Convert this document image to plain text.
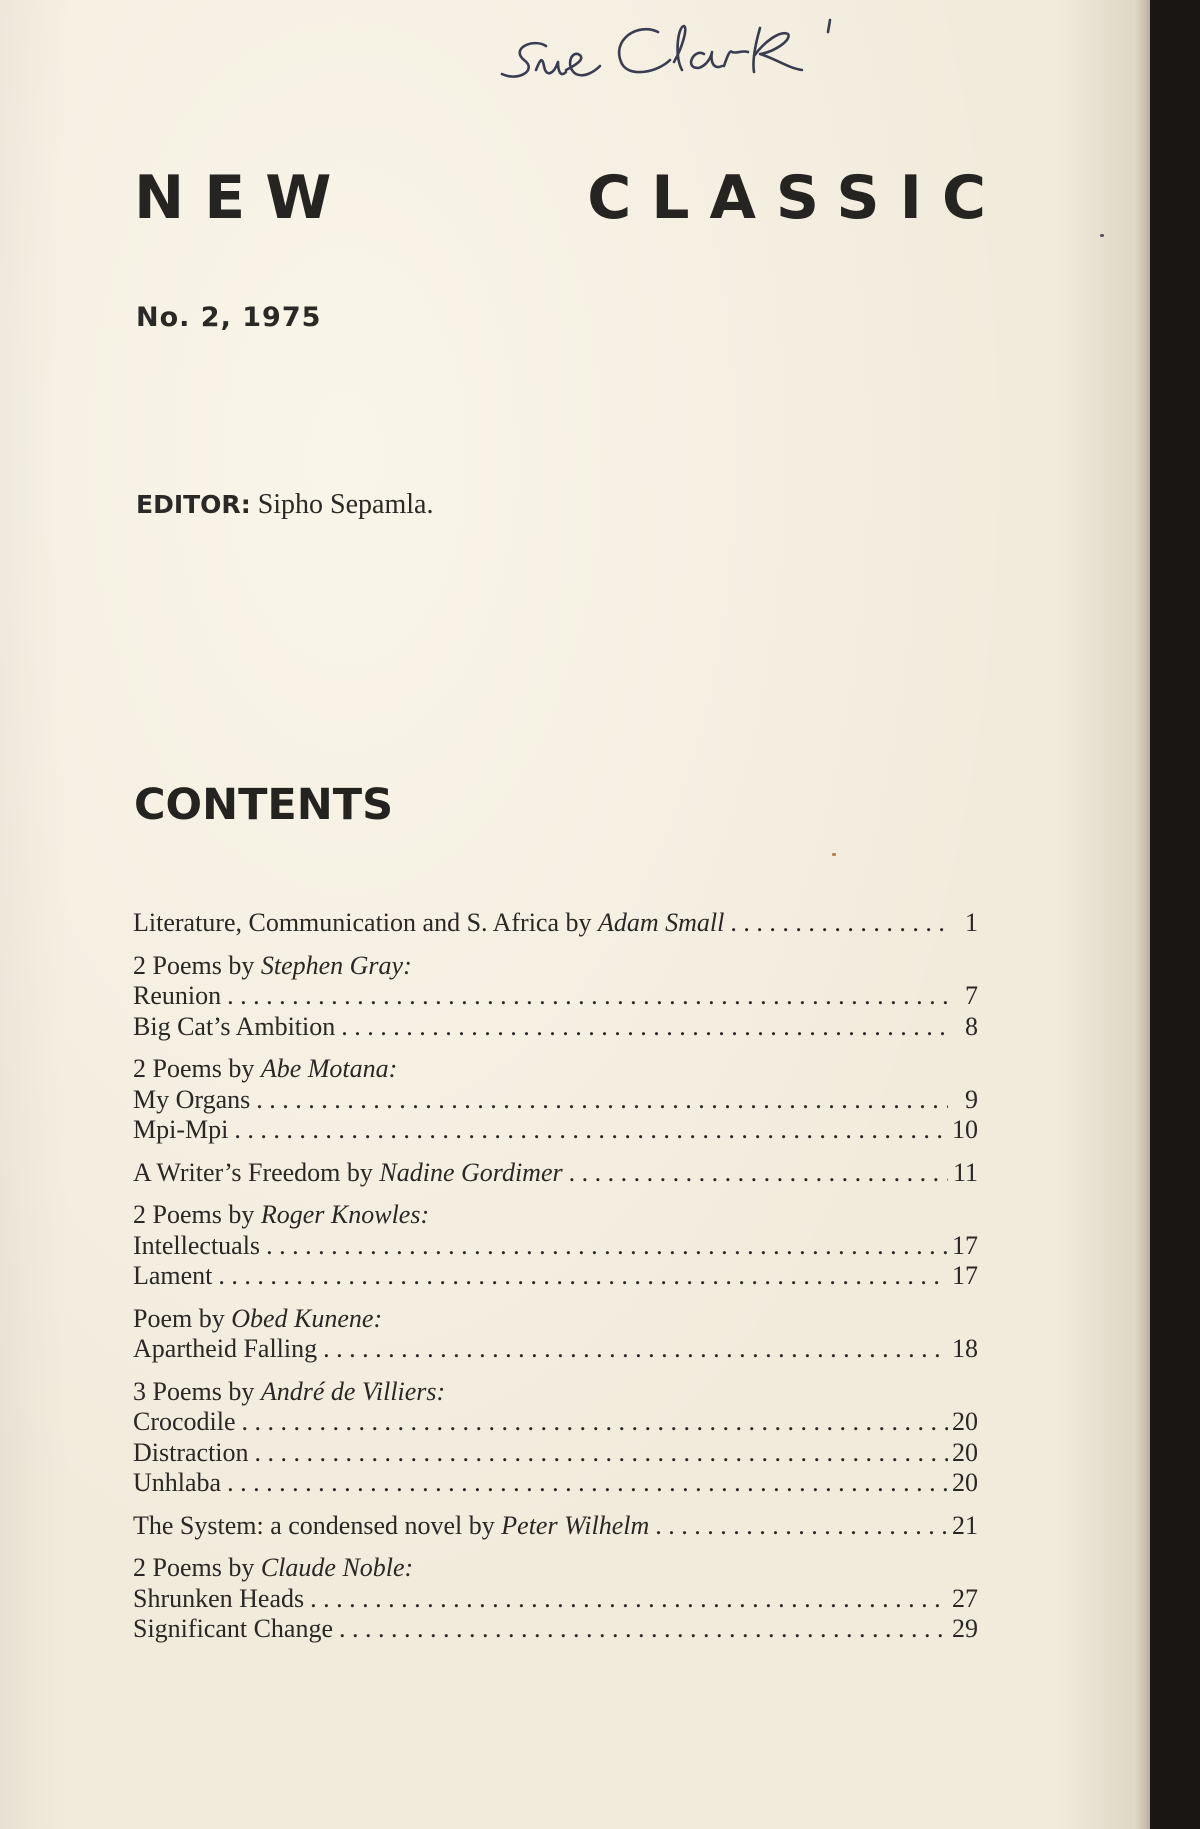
NEW	CLASSIC
No. 2, 1975
EDITOR: Sipho Sepamla.
CONTENTS
Literature, Communication and S. Africa by Adam Small . . .	1
2 Poems by Stephen Gray:
Reunion . . .	7
Big Cat’s Ambition . . .	8
2 Poems by Abe Motana:
My Organs . . .	9
Mpi-Mpi . . .	10
A Writer’s Freedom by Nadine Gordimer . . .	11
2 Poems by Roger Knowles:
Intellectuals . . .	17
Lament . . .	17
Poem by Obed Kunene:
Apartheid Falling . . .	18
3 Poems by André de Villiers:
Crocodile . . .	20
Distraction . . .	20
Unhlaba . . .	20
The System: a condensed novel by Peter Wilhelm . . .	21
2 Poems by Claude Noble:
Shrunken Heads . . .	27
Significant Change . . .	29
